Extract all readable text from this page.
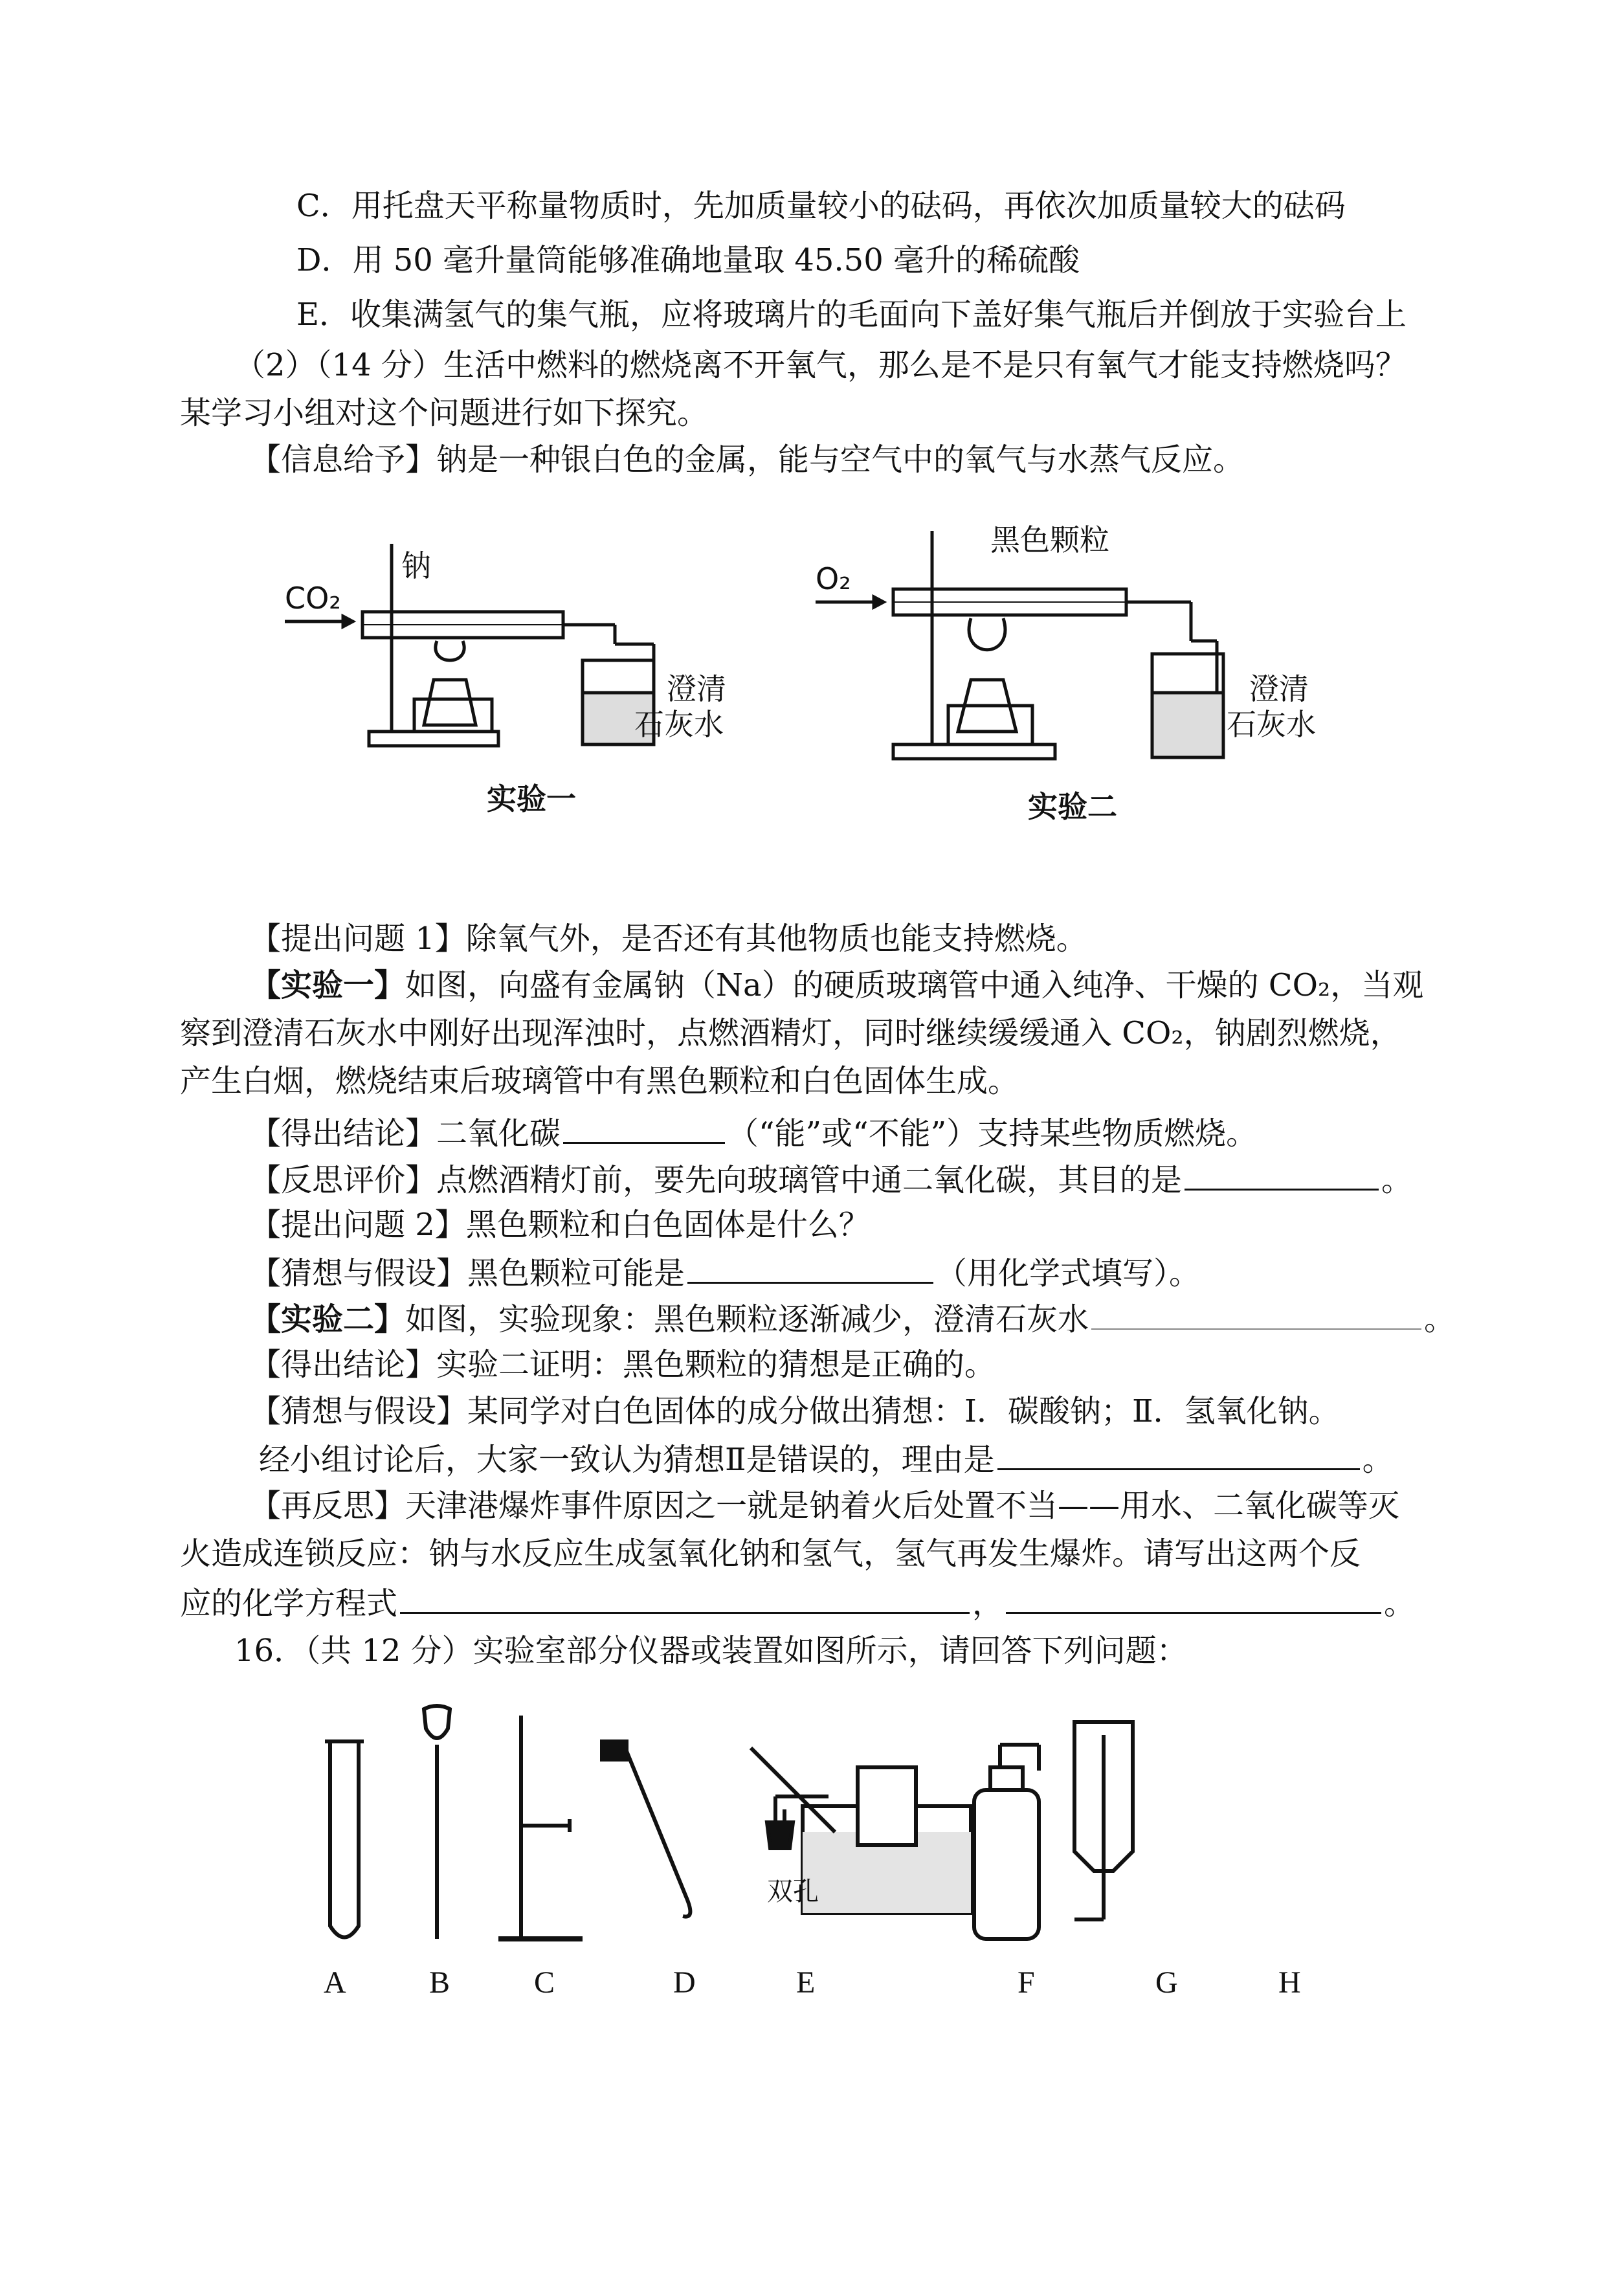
C．用托盘天平称量物质时，先加质量较小的砝码，再依次加质量较大的砝码
D．用 50 毫升量筒能够准确地量取 45.50 毫升的稀硫酸
E．收集满氢气的集气瓶，应将玻璃片的毛面向下盖好集气瓶后并倒放于实验台上
（2）（14 分）生活中燃料的燃烧离不开氧气，那么是不是只有氧气才能支持燃烧吗？
某学习小组对这个问题进行如下探究。
【信息给予】钠是一种银白色的金属，能与空气中的氧气与水蒸气反应。
CO₂
钠
澄清
石灰水
O₂
黑色颗粒
澄清
石灰水
实验一	实验二
【提出问题 1】除氧气外，是否还有其他物质也能支持燃烧。
【实验一】如图，向盛有金属钠（Na）的硬质玻璃管中通入纯净、干燥的 CO₂，当观
察到澄清石灰水中刚好出现浑浊时，点燃酒精灯，同时继续缓缓通入 CO₂，钠剧烈燃烧，
产生白烟，燃烧结束后玻璃管中有黑色颗粒和白色固体生成。
【得出结论】二氧化碳	（“能”或“不能”）支持某些物质燃烧。
【反思评价】点燃酒精灯前，要先向玻璃管中通二氧化碳，其目的是	。
【提出问题 2】黑色颗粒和白色固体是什么？
【猜想与假设】黑色颗粒可能是	（用化学式填写）。
【实验二】如图，实验现象：黑色颗粒逐渐减少，澄清石灰水	。
【得出结论】实验二证明：黑色颗粒的猜想是正确的。
【猜想与假设】某同学对白色固体的成分做出猜想：Ⅰ．碳酸钠；Ⅱ．氢氧化钠。
经小组讨论后，大家一致认为猜想Ⅱ是错误的，理由是	。
【再反思】天津港爆炸事件原因之一就是钠着火后处置不当——用水、二氧化碳等灭
火造成连锁反应：钠与水反应生成氢氧化钠和氢气，氢气再发生爆炸。请写出这两个反
应的化学方程式	，	。
16．（共 12 分）实验室部分仪器或装置如图所示，请回答下列问题：
双孔
A	B	C	D	E	F	G	H
